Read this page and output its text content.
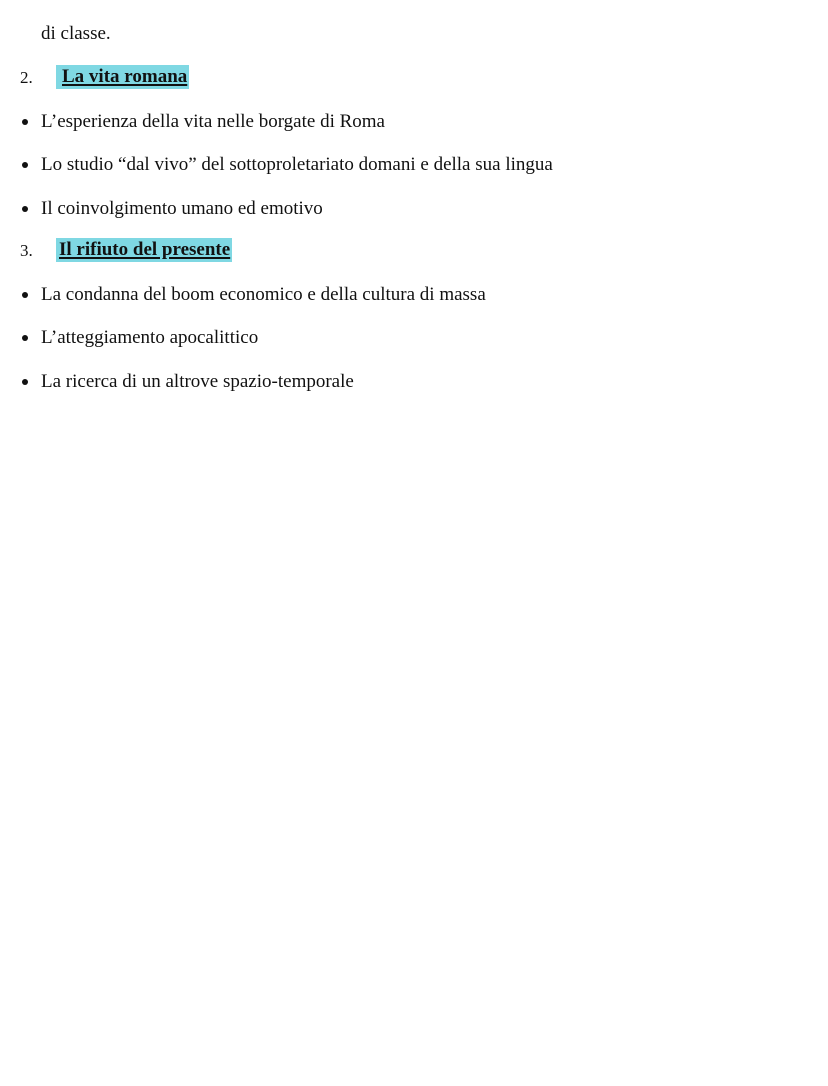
di classe.
2.	La vita romana
L’esperienza della vita nelle borgate di Roma
Lo studio “dal vivo” del sottoproletariato domani e della sua lingua
Il coinvolgimento umano ed emotivo
3. Il rifiuto del presente
La condanna del boom economico e della cultura di massa
L’atteggiamento apocalittico
La ricerca di un altrove spazio-temporale
